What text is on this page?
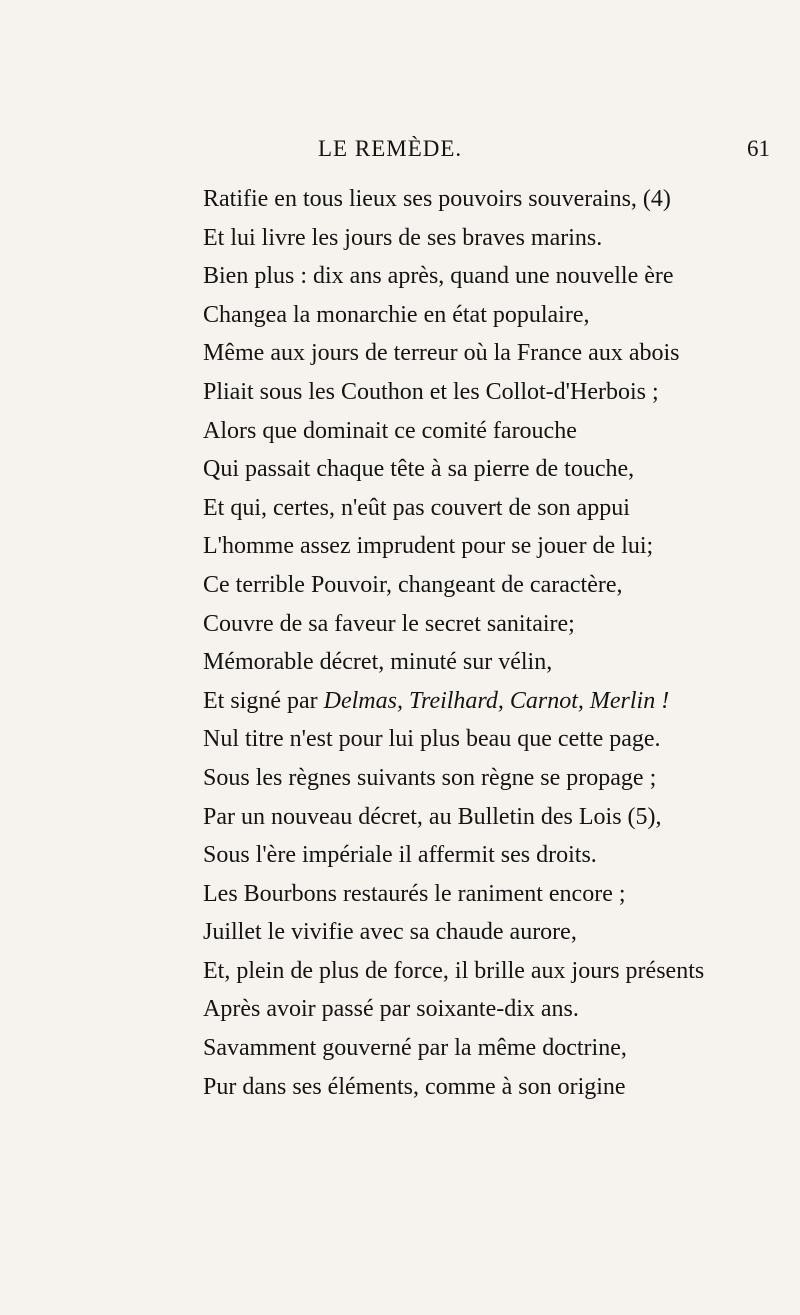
LE REMÈDE.	61
Ratifie en tous lieux ses pouvoirs souverains, (4)
Et lui livre les jours de ses braves marins.
Bien plus : dix ans après, quand une nouvelle ère
Changea la monarchie en état populaire,
Même aux jours de terreur où la France aux abois
Pliait sous les Couthon et les Collot-d'Herbois ;
Alors que dominait ce comité farouche
Qui passait chaque tête à sa pierre de touche,
Et qui, certes, n'eût pas couvert de son appui
L'homme assez imprudent pour se jouer de lui;
Ce terrible Pouvoir, changeant de caractère,
Couvre de sa faveur le secret sanitaire;
Mémorable décret, minuté sur vélin,
Et signé par Delmas, Treilhard, Carnot, Merlin !
Nul titre n'est pour lui plus beau que cette page.
Sous les règnes suivants son règne se propage ;
Par un nouveau décret, au Bulletin des Lois (5),
Sous l'ère impériale il affermit ses droits.
Les Bourbons restaurés le raniment encore ;
Juillet le vivifie avec sa chaude aurore,
Et, plein de plus de force, il brille aux jours présents
Après avoir passé par soixante-dix ans.
Savamment gouverné par la même doctrine,
Pur dans ses éléments, comme à son origine
